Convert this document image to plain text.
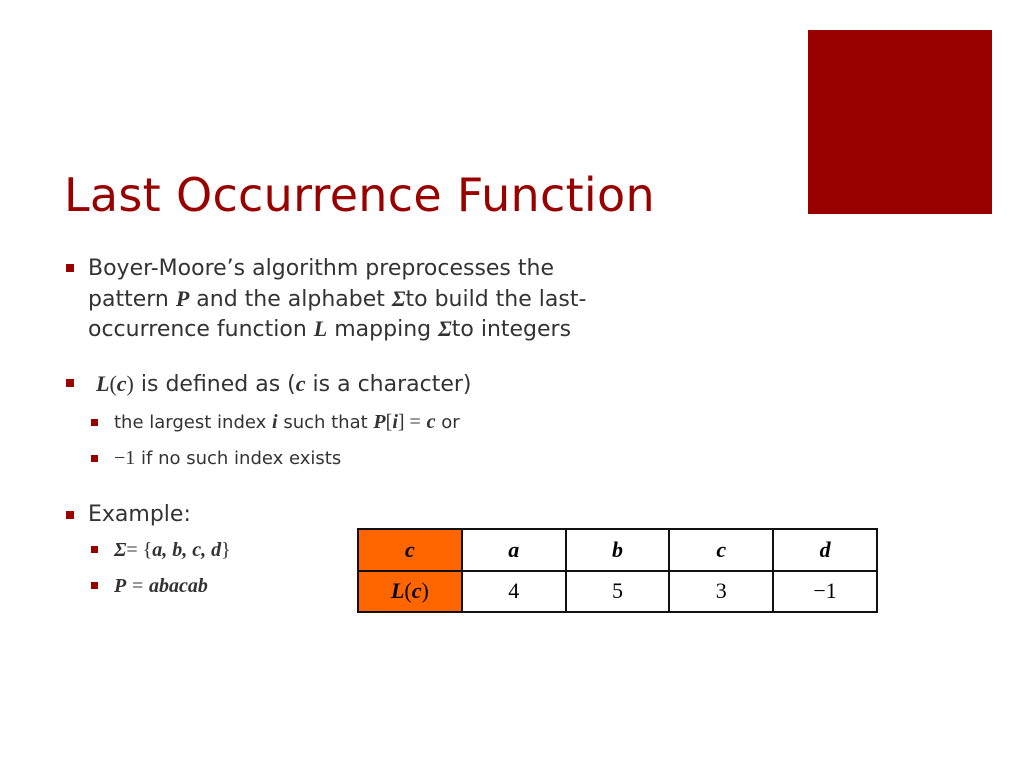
Last Occurrence Function
Boyer-Moore’s algorithm preprocesses the
pattern P and the alphabet Σto build the last-
occurrence function L mapping Σto integers
L(c) is defined as (c is a character)
the largest index i such that P[i] = c or
−1 if no such index exists
Example:
Σ= {a, b, c, d}
P = abacab
c	a	b	c	d
L(c)	4	5	3	−1
